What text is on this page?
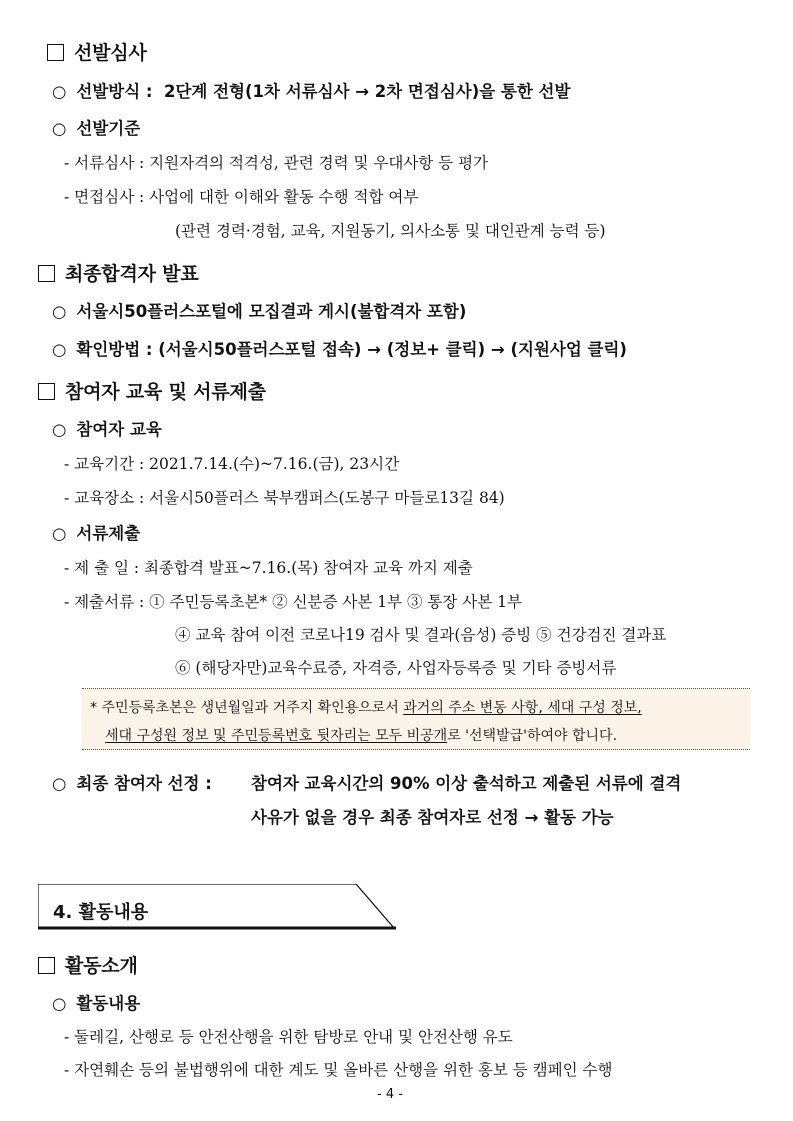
선발심사
○ 선발방식 : 2단계 전형(1차 서류심사 → 2차 면접심사)을 통한 선발
○ 선발기준
- 서류심사 : 지원자격의 적격성, 관련 경력 및 우대사항 등 평가
- 면접심사 : 사업에 대한 이해와 활동 수행 적합 여부
(관련 경력·경험, 교육, 지원동기, 의사소통 및 대인관계 능력 등)
최종합격자 발표
○ 서울시50플러스포털에 모집결과 게시(불합격자 포함)
○ 확인방법 : (서울시50플러스포털 접속) → (정보+ 클릭) → (지원사업 클릭)
참여자 교육 및 서류제출
○ 참여자 교육
- 교육기간 : 2021.7.14.(수)~7.16.(금), 23시간
- 교육장소 : 서울시50플러스 북부캠퍼스(도봉구 마들로13길 84)
○ 서류제출
- 제 출 일 : 최종합격 발표~7.16.(목) 참여자 교육 까지 제출
- 제출서류 : ① 주민등록초본* ② 신분증 사본 1부 ③ 통장 사본 1부
④ 교육 참여 이전 코로나19 검사 및 결과(음성) 증빙 ⑤ 건강검진 결과표
⑥ (해당자만)교육수료증, 자격증, 사업자등록증 및 기타 증빙서류
* 주민등록초본은 생년월일과 거주지 확인용으로서 과거의 주소 변동 사항, 세대 구성 정보,
세대 구성원 정보 및 주민등록번호 뒷자리는 모두 비공개로 '선택발급'하여야 합니다.
○ 최종 참여자 선정 : 참여자 교육시간의 90% 이상 출석하고 제출된 서류에 결격
사유가 없을 경우 최종 참여자로 선정 → 활동 가능
4. 활동내용
활동소개
○ 활동내용
- 둘레길, 산행로 등 안전산행을 위한 탐방로 안내 및 안전산행 유도
- 자연훼손 등의 불법행위에 대한 계도 및 올바른 산행을 위한 홍보 등 캠페인 수행
- 4 -
